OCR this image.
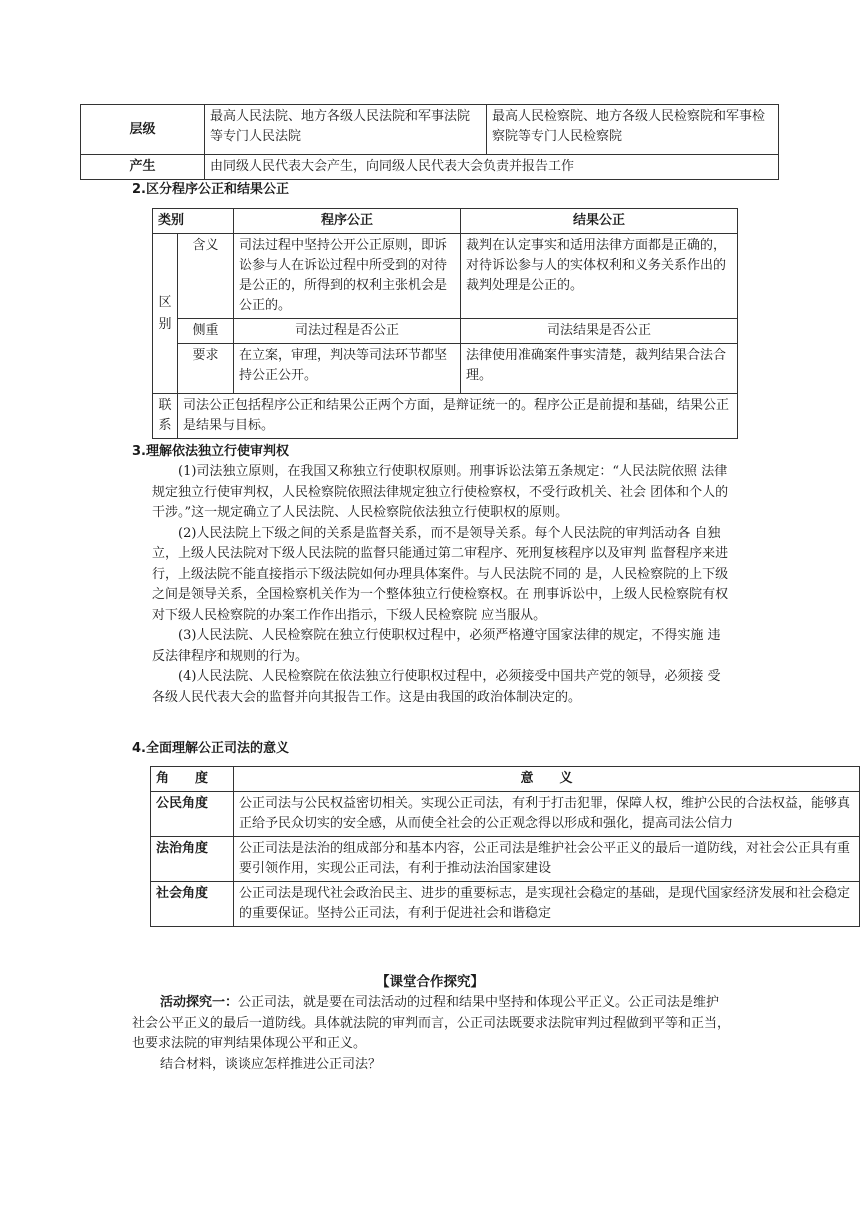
层级	最高人民法院、地方各级人民法院和军事法院等专门人民法院	最高人民检察院、地方各级人民检察院和军事检察院等专门人民检察院
产生	由同级人民代表大会产生，向同级人民代表大会负责并报告工作	
2.区分程序公正和结果公正
类别		程序公正	结果公正
区别	含义	司法过程中坚持公开公正原则，即诉讼参与人在诉讼过程中所受到的对待是公正的，所得到的权利主张机会是公正的。	裁判在认定事实和适用法律方面都是正确的，对待诉讼参与人的实体权利和义务关系作出的裁判处理是公正的。
	侧重	司法过程是否公正	司法结果是否公正
	要求	在立案，审理，判决等司法环节都坚持公正公开。	法律使用准确案件事实清楚，裁判结果合法合理。
联系	司法公正包括程序公正和结果公正两个方面，是辩证统一的。程序公正是前提和基础，结果公正是结果与目标。		
3.理解依法独立行使审判权

(1)司法独立原则，在我国又称独立行使职权原则。刑事诉讼法第五条规定：“人民法院依照 法律规定独立行使审判权，人民检察院依照法律规定独立行使检察权，不受行政机关、社会 团体和个人的干涉。”这一规定确立了人民法院、人民检察院依法独立行使职权的原则。

(2)人民法院上下级之间的关系是监督关系，而不是领导关系。每个人民法院的审判活动各 自独立，上级人民法院对下级人民法院的监督只能通过第二审程序、死刑复核程序以及审判 监督程序来进行，上级法院不能直接指示下级法院如何办理具体案件。与人民法院不同的 是，人民检察院的上下级之间是领导关系，全国检察机关作为一个整体独立行使检察权。在 刑事诉讼中，上级人民检察院有权对下级人民检察院的办案工作作出指示，下级人民检察院 应当服从。

(3)人民法院、人民检察院在独立行使职权过程中，必须严格遵守国家法律的规定，不得实施 违反法律程序和规则的行为。

(4)人民法院、人民检察院在依法独立行使职权过程中，必须接受中国共产党的领导，必须接 受各级人民代表大会的监督并向其报告工作。这是由我国的政治体制决定的。

4.全面理解公正司法的意义
角　　度	意　　义
公民角度	公正司法与公民权益密切相关。实现公正司法，有利于打击犯罪，保障人权，维护公民的合法权益，能够真正给予民众切实的安全感，从而使全社会的公正观念得以形成和强化，提高司法公信力
法治角度	公正司法是法治的组成部分和基本内容，公正司法是维护社会公平正义的最后一道防线，对社会公正具有重要引领作用，实现公正司法，有利于推动法治国家建设
社会角度	公正司法是现代社会政治民主、进步的重要标志，是实现社会稳定的基础，是现代国家经济发展和社会稳定的重要保证。坚持公正司法，有利于促进社会和谐稳定
【课堂合作探究】
活动探究一：公正司法，就是要在司法活动的过程和结果中坚持和体现公平正义。公正司法是维护社会公平正义的最后一道防线。具体就法院的审判而言，公正司法既要求法院审判过程做到平等和正当，也要求法院的审判结果体现公平和正义。
结合材料，谈谈应怎样推进公正司法？
